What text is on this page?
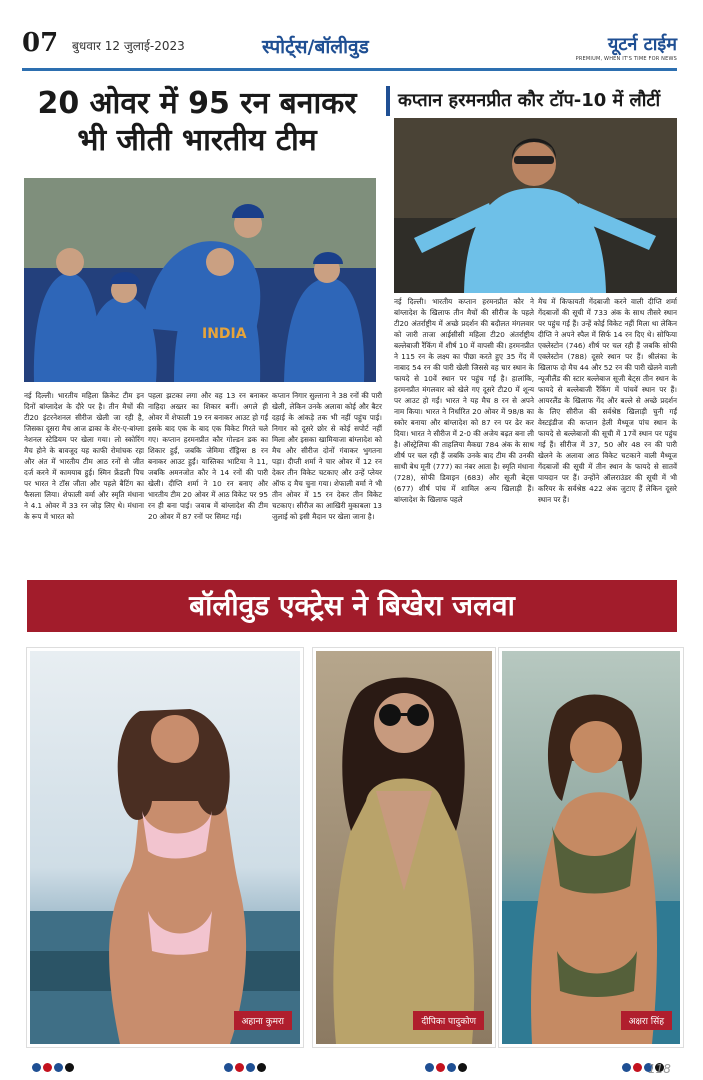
07 बुधवार 12 जुलाई-2023	स्पोर्ट्स/बॉलीवुड	यूटर्न टाईम
PREMIUM, WHEN IT'S TIME FOR NEWS
20 ओवर में 95 रन बनाकर भी जीती भारतीय टीम
INDIA

नई दिल्ली। भारतीय महिला क्रिकेट टीम इन दिनों बांग्लादेश के दौरे पर है। तीन मैचों की टी20 इंटरनेशनल सीरीज खेली जा रही है, जिसका दूसरा मैच आज ढाका के शेर-ए-बांग्ला नेशनल स्टेडियम पर खेला गया। लो स्कोरिंग मैच होने के बावजूद यह काफी रोमांचक रहा और अंत में भारतीय टीम आठ रनों से जीत दर्ज करने में कामयाब हुई। स्मिन फ्रेंडली पिच पर भारत ने टॉस जीता और पहले बैटिंग का फैसला लिया। शेफाली वर्मा और स्मृति मंधाना ने 4.1 ओवर में 33 रन जोड़ लिए थे। मंधाना के रूप में भारत को

पहला झटका लगा और वह 13 रन बनाकर नाहिदा अख्तर का शिकार बनीं। अगले ही ओवर में शेफाली 19 रन बनाकर आउट हो गईं इसके बाद एक के बाद एक विकेट गिरते चले गए। कप्तान हरमनप्रीत कौर गोल्डन डक का शिकार हुईं, जबकि जेमिमा रॉड्रिग्स 8 रन बनाकर आउट हुईं। यास्तिका भाटिया ने 11, जबकि अमनजोत कौर ने 14 रनों की पारी खेली। दीप्ति शर्मा ने 10 रन बनाए और भारतीय टीम 20 ओवर में आठ विकेट पर 95 रन ही बना पाई। जवाब में बांग्लादेश की टीम 20 ओवर में 87 रनों पर सिमट गई।

कप्तान निगार सुल्ताना ने 38 रनों की पारी खेली, लेकिन उनके अलावा कोई और बैटर दहाई के आंकड़े तक भी नहीं पहुंच पाई। निगार को दूसरे छोर से कोई सपोर्ट नहीं मिला और इसका खामियाजा बांग्लादेश को मैच और सीरीज दोनों गंवाकर भुगतना पड़ा। दीप्ती शर्मा ने चार ओवर में 12 रन देकर तीन विकेट चटकाए और उन्हें प्लेयर ऑफ द मैच चुना गया। शेफाली वर्मा ने भी तीन ओवर में 15 रन देकर तीन विकेट चटकाए। सीरीज का आखिरी मुकाबला 13 जुलाई को इसी मैदान पर खेला जाना है।

कप्तान हरमनप्रीत कौर टॉप-10 में लौटीं

नई दिल्ली। भारतीय कप्तान हरमनप्रीत कौर ने बांग्लादेश के खिलाफ तीन मैचों की सीरीज के पहले टी20 अंतर्राष्ट्रीय में अच्छे प्रदर्शन की बदौलत मंगलवार को जारी ताजा आईसीसी महिला टी20 अंतर्राष्ट्रीय बल्लेबाजी रैंकिंग में शीर्ष 10 में वापसी की। हरमनप्रीत ने 115 रन के लक्ष्य का पीछा करते हुए 35 गेंद में नाबाद 54 रन की पारी खेली जिससे वह चार स्थान के फायदे से 10वें स्थान पर पहुंच गईं है। हालांकि, हरमनप्रीत मंगलवार को खेले गए दूसरे टी20 में शून्य पर आउट हो गईं। भारत ने यह मैच 8 रन से अपने नाम किया। भारत ने निर्धारित 20 ओवर में 98/8 का स्कोर बनाया और बांग्लादेश को 87 रन पर ढेर कर दिया। भारत ने सीरीज में 2-0 की अजेय बढ़त बना ली है। ऑस्ट्रेलिया की ताहलिया मैकग्रा 784 अंक के साथ शीर्ष पर चल रही हैं जबकि उनके बाद टीम की उनकी साथी बेथ मूनी (777) का नंबर आता है। स्मृति मंधाना (728), सोफी डिवाइन (683) और सूजी बेट्स (677) शीर्ष पांच में शामिल अन्य खिलाड़ी हैं। बांग्लादेश के खिलाफ पहले

मैच में किफायती गेंदबाजी करने वाली दीप्ति शर्मा गेंदबाजों की सूची में 733 अंक के साथ तीसरे स्थान पर पहुंच गई हैं। उन्हें कोई विकेट नहीं मिला था लेकिन दीप्ति ने अपने स्पैल में सिर्फ 14 रन दिए थे। सोफिया एक्लेस्टोन (746) शीर्ष पर चल रही हैं जबकि सोफी एक्लेस्टोन (788) दूसरे स्थान पर हैं। श्रीलंका के खिलाफ दो मैच 44 और 52 रन की पारी खेलने वाली न्यूजीलैंड की स्टार बल्लेबाज सूजी बेट्स तीन स्थान के फायदे से बल्लेबाजी रैंकिंग में पांचवें स्थान पर हैं। आयरलैंड के खिलाफ गेंद और बल्ले से अच्छे प्रदर्शन के लिए सीरीज की सर्वश्रेष्ठ खिलाड़ी चुनी गईं वेस्टइंडीज की कप्तान हेली मैथ्यूज पांच स्थान के फायदे से बल्लेबाजों की सूची में 17वें स्थान पर पहुंच गई हैं। सीरीज में 37, 50 और 48 रन की पारी खेलने के अलावा आठ विकेट चटकाने वाली मैथ्यूज गेंदबाजों की सूची में तीन स्थान के फायदे से सातवें पायदान पर हैं। उन्होंने ऑलराउंडर की सूची में भी करियर के सर्वश्रेष्ठ 422 अंक जुटाए हैं लेकिन दूसरे स्थान पर हैं।

बॉलीवुड एक्ट्रेस ने बिखेरा जलवा
अहाना कुमरा	दीपिका पादुकोण	अक्षरा सिंह
118
